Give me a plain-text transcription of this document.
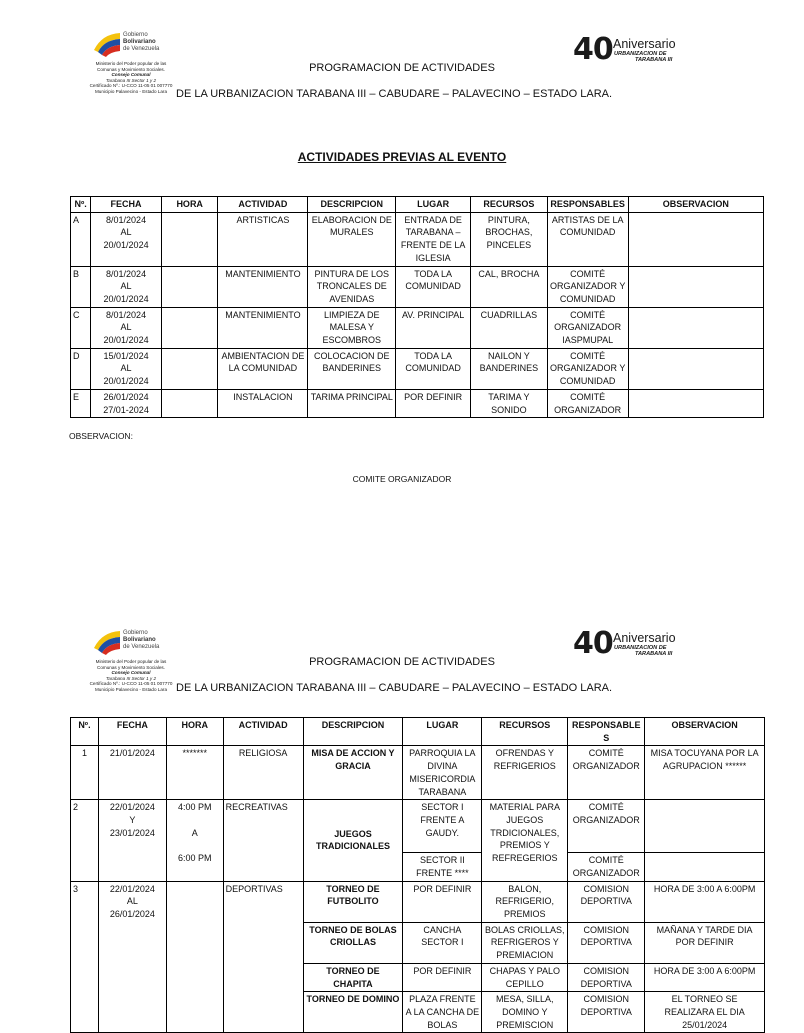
Gobierno
Bolivariano
de Venezuela
Ministerio del Poder popular de las
Comunas y Movimiento Sociales.
Consejo Comunal
Tarabana III Sector 1 y 2
Certificado Nº.: U-CCO 11-05 01 007770
Municipio Palavecino - Estado Lara
40 Aniversario
URBANIZACION DE
TARABANA III
PROGRAMACION DE ACTIVIDADES
DE LA URBANIZACION TARABANA III – CABUDARE – PALAVECINO – ESTADO LARA.
ACTIVIDADES PREVIAS AL EVENTO
Nº.	FECHA	HORA	ACTIVIDAD	DESCRIPCION	LUGAR	RECURSOS	RESPONSABLES	OBSERVACION
A	8/01/2024
AL
20/01/2024		ARTISTICAS	ELABORACION DE MURALES	ENTRADA DE TARABANA – FRENTE DE LA IGLESIA	PINTURA, BROCHAS, PINCELES	ARTISTAS DE LA COMUNIDAD	
B	8/01/2024
AL
20/01/2024		MANTENIMIENTO	PINTURA DE LOS TRONCALES DE AVENIDAS	TODA LA COMUNIDAD	CAL, BROCHA	COMITÉ ORGANIZADOR Y COMUNIDAD	
C	8/01/2024
AL
20/01/2024		MANTENIMIENTO	LIMPIEZA DE MALESA Y ESCOMBROS	AV. PRINCIPAL	CUADRILLAS	COMITÉ ORGANIZADOR IASPMUPAL	
D	15/01/2024
AL
20/01/2024		AMBIENTACION DE LA COMUNIDAD	COLOCACION DE BANDERINES	TODA LA COMUNIDAD	NAILON Y BANDERINES	COMITÉ ORGANIZADOR Y COMUNIDAD	
E	26/01/2024
27/01-2024		INSTALACION	TARIMA PRINCIPAL	POR DEFINIR	TARIMA Y SONIDO	COMITÉ ORGANIZADOR	
OBSERVACION:
COMITE ORGANIZADOR
Gobierno
Bolivariano
de Venezuela
Ministerio del Poder popular de las
Comunas y Movimiento Sociales.
Consejo Comunal
Tarabana III Sector 1 y 2
Certificado Nº.: U-CCO 11-05 01 007770
Municipio Palavecino - Estado Lara
40 Aniversario
URBANIZACION DE
TARABANA III
PROGRAMACION DE ACTIVIDADES
DE LA URBANIZACION TARABANA III – CABUDARE – PALAVECINO – ESTADO LARA.
Nº.	FECHA	HORA	ACTIVIDAD	DESCRIPCION	LUGAR	RECURSOS	RESPONSABLE S	OBSERVACION
1	21/01/2024	*******	RELIGIOSA	MISA DE ACCION Y GRACIA	PARROQUIA LA DIVINA MISERICORDIA TARABANA	OFRENDAS Y REFRIGERIOS	COMITÉ ORGANIZADOR	MISA TOCUYANA POR LA AGRUPACION ******
2	22/01/2024
Y
23/01/2024	4:00 PM

A

6:00 PM	RECREATIVAS	JUEGOS TRADICIONALES	SECTOR I FRENTE A GAUDY.	MATERIAL PARA JUEGOS TRDICIONALES, PREMIOS Y REFREGERIOS	COMITÉ ORGANIZADOR	
					SECTOR II FRENTE ****		COMITÉ ORGANIZADOR	
3	22/01/2024
AL
26/01/2024		DEPORTIVAS	TORNEO DE FUTBOLITO	POR DEFINIR	BALON, REFRIGERIO, PREMIOS	COMISION DEPORTIVA	HORA DE 3:00 A 6:00PM
				TORNEO DE BOLAS CRIOLLAS	CANCHA SECTOR I	BOLAS CRIOLLAS, REFRIGEROS Y PREMIACION	COMISION DEPORTIVA	MAÑANA Y TARDE DIA POR DEFINIR
				TORNEO DE CHAPITA	POR DEFINIR	CHAPAS Y PALO CEPILLO	COMISION DEPORTIVA	HORA DE 3:00 A 6:00PM
				TORNEO DE DOMINO	PLAZA FRENTE A LA CANCHA DE BOLAS	MESA, SILLA, DOMINO Y PREMISCION	COMISION DEPORTIVA	EL TORNEO SE REALIZARA EL DIA 25/01/2024
